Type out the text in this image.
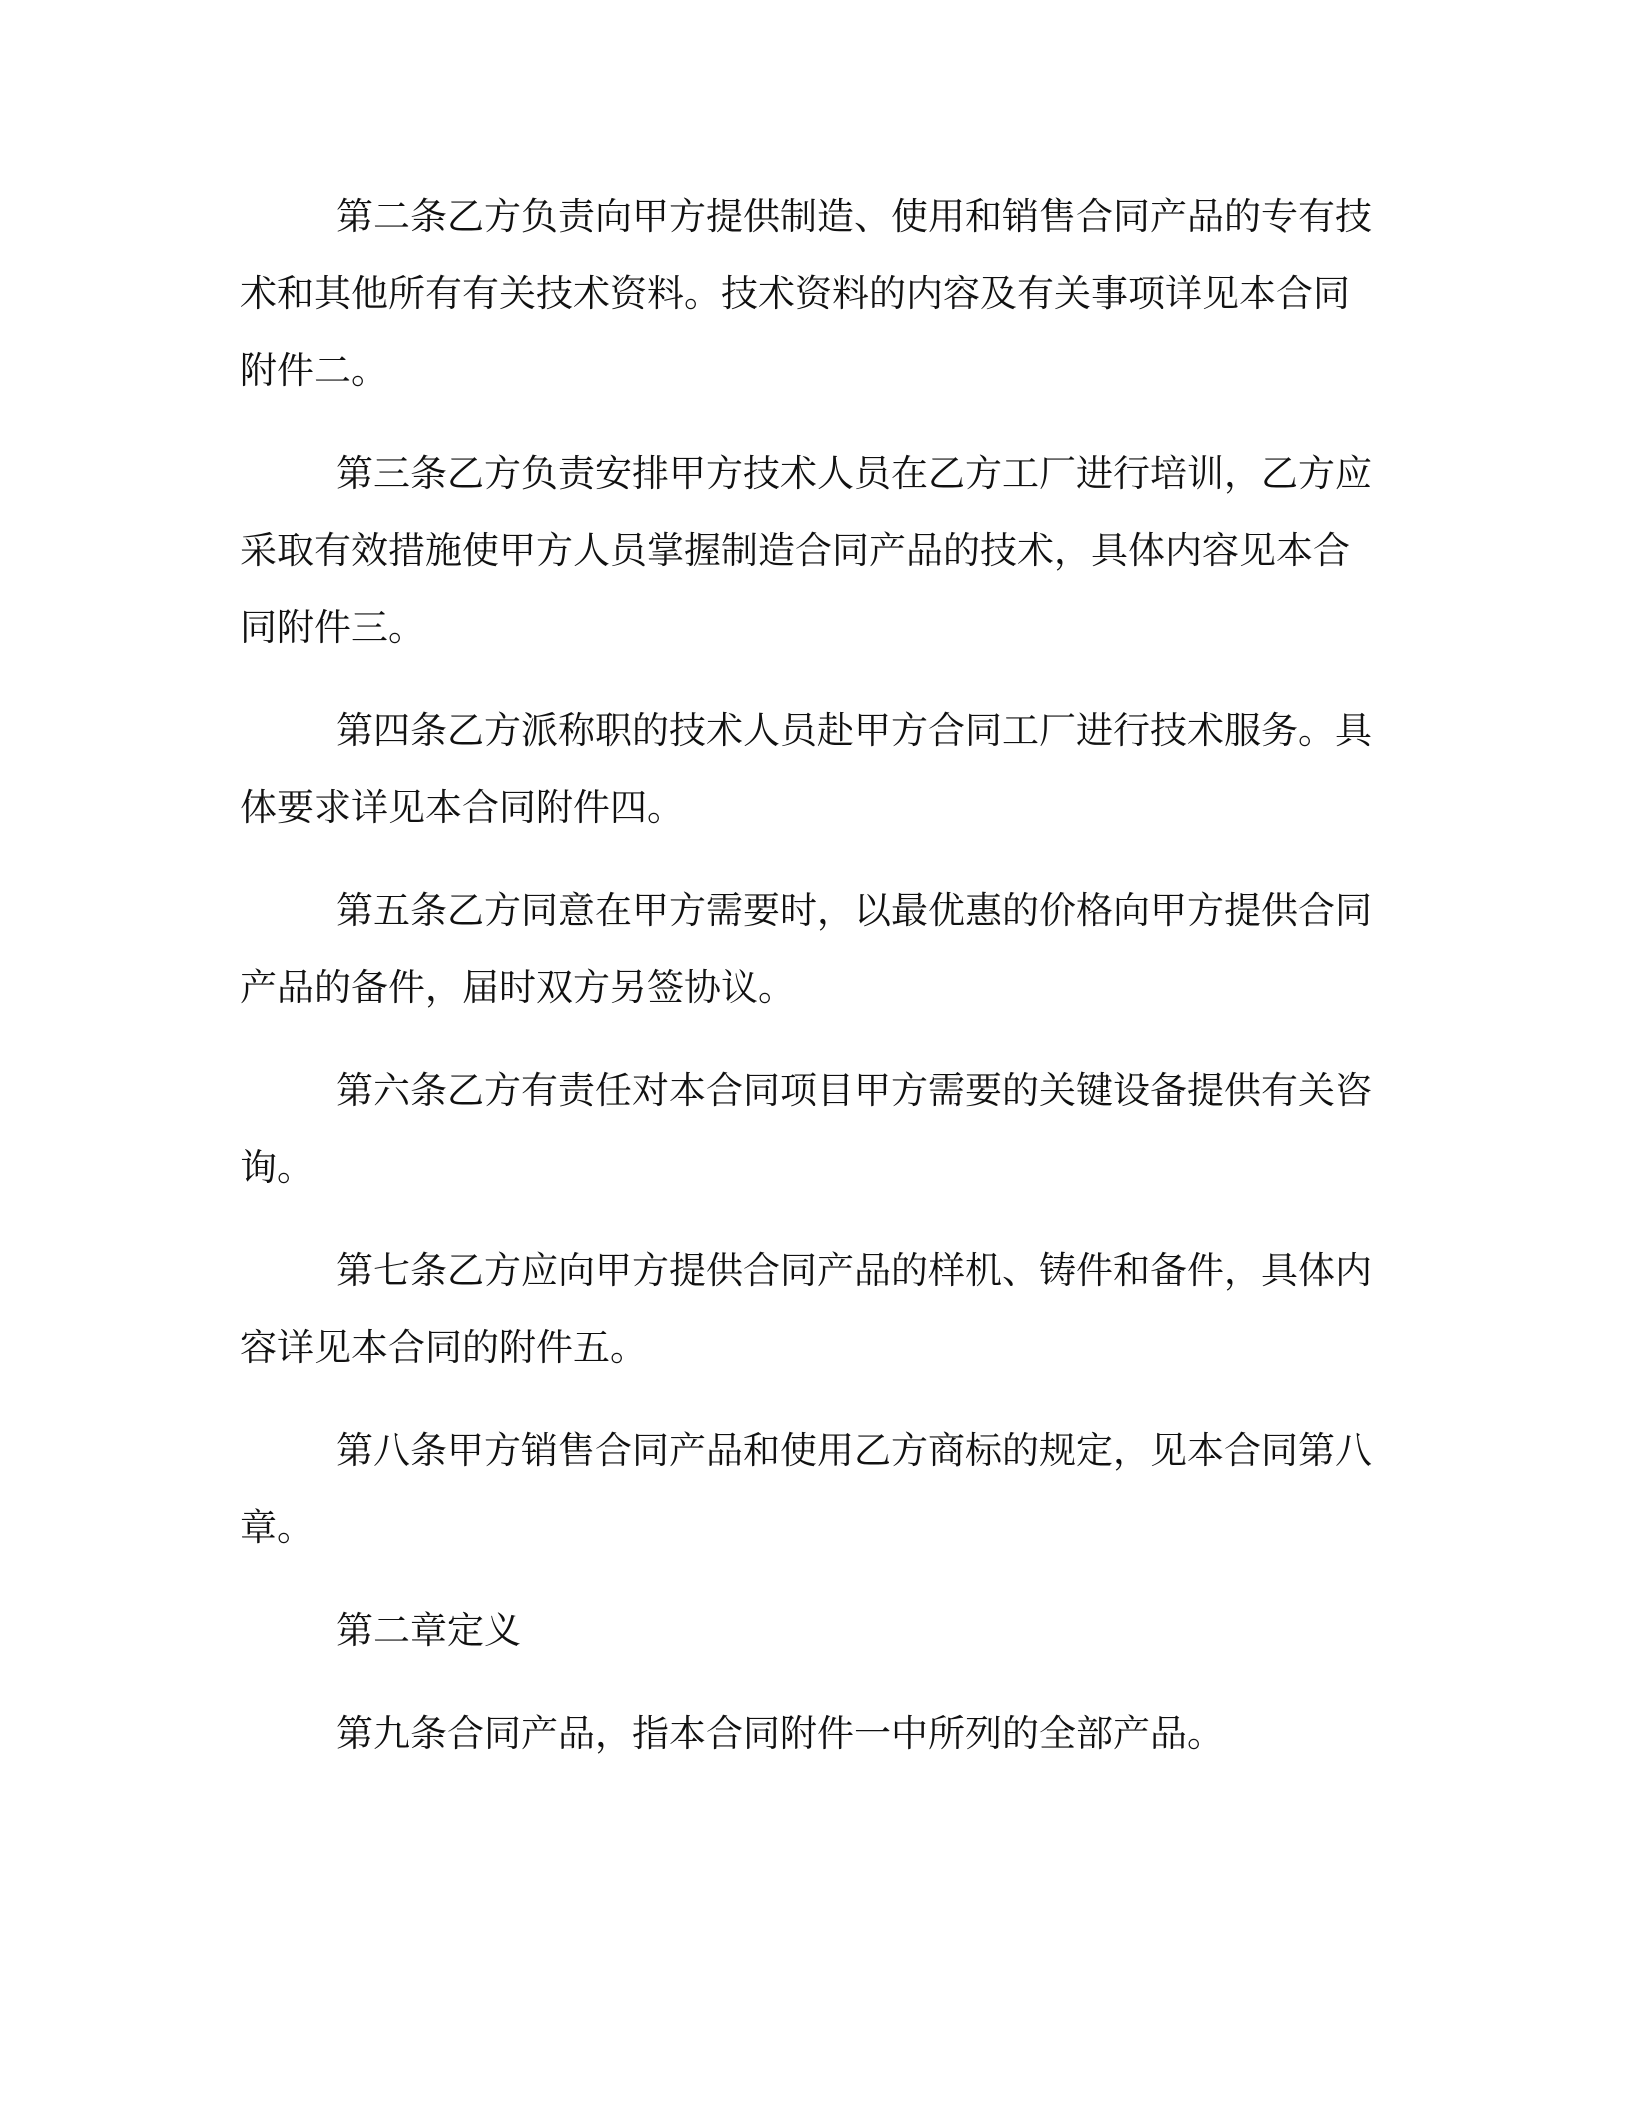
第二条乙方负责向甲方提供制造、使用和销售合同产品的专有技
术和其他所有有关技术资料。技术资料的内容及有关事项详见本合同
附件二。

第三条乙方负责安排甲方技术人员在乙方工厂进行培训，乙方应
采取有效措施使甲方人员掌握制造合同产品的技术，具体内容见本合
同附件三。

第四条乙方派称职的技术人员赴甲方合同工厂进行技术服务。具
体要求详见本合同附件四。

第五条乙方同意在甲方需要时，以最优惠的价格向甲方提供合同
产品的备件，届时双方另签协议。

第六条乙方有责任对本合同项目甲方需要的关键设备提供有关咨
询。

第七条乙方应向甲方提供合同产品的样机、铸件和备件，具体内
容详见本合同的附件五。

第八条甲方销售合同产品和使用乙方商标的规定，见本合同第八
章。

第二章定义

第九条合同产品，指本合同附件一中所列的全部产品。
